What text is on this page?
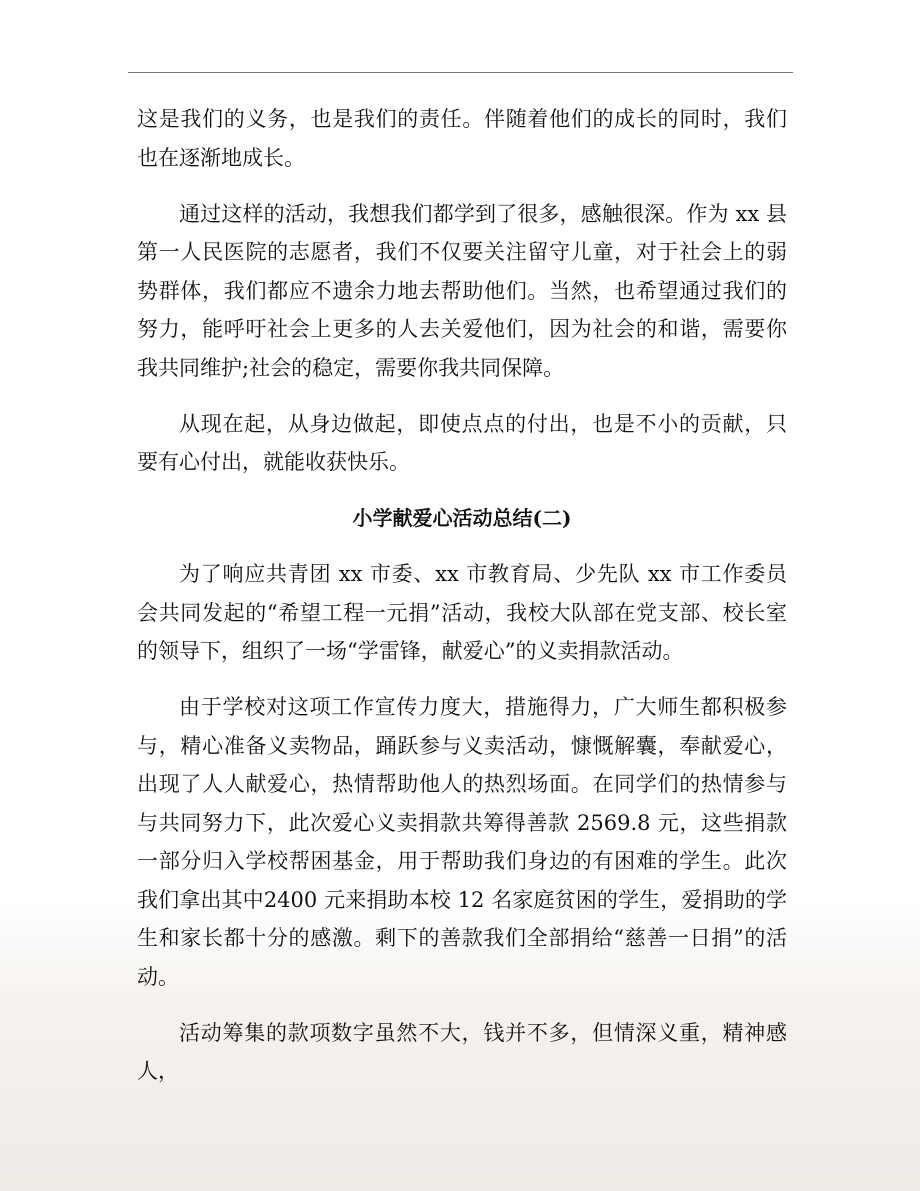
这是我们的义务，也是我们的责任。伴随着他们的成长的同时，我们也在逐渐地成长。

通过这样的活动，我想我们都学到了很多，感触很深。作为 xx 县第一人民医院的志愿者，我们不仅要关注留守儿童，对于社会上的弱势群体，我们都应不遗余力地去帮助他们。当然，也希望通过我们的努力，能呼吁社会上更多的人去关爱他们，因为社会的和谐，需要你我共同维护;社会的稳定，需要你我共同保障。

从现在起，从身边做起，即使点点的付出，也是不小的贡献，只要有心付出，就能收获快乐。

小学献爱心活动总结(二)

为了响应共青团 xx 市委、xx 市教育局、少先队 xx 市工作委员会共同发起的“希望工程一元捐”活动，我校大队部在党支部、校长室的领导下，组织了一场“学雷锋，献爱心”的义卖捐款活动。

由于学校对这项工作宣传力度大，措施得力，广大师生都积极参与，精心准备义卖物品，踊跃参与义卖活动，慷慨解囊，奉献爱心，出现了人人献爱心，热情帮助他人的热烈场面。在同学们的热情参与与共同努力下，此次爱心义卖捐款共筹得善款 2569.8 元，这些捐款一部分归入学校帮困基金，用于帮助我们身边的有困难的学生。此次我们拿出其中2400 元来捐助本校 12 名家庭贫困的学生，爱捐助的学生和家长都十分的感激。剩下的善款我们全部捐给“慈善一日捐”的活动。

活动筹集的款项数字虽然不大，钱并不多，但情深义重，精神感人，
